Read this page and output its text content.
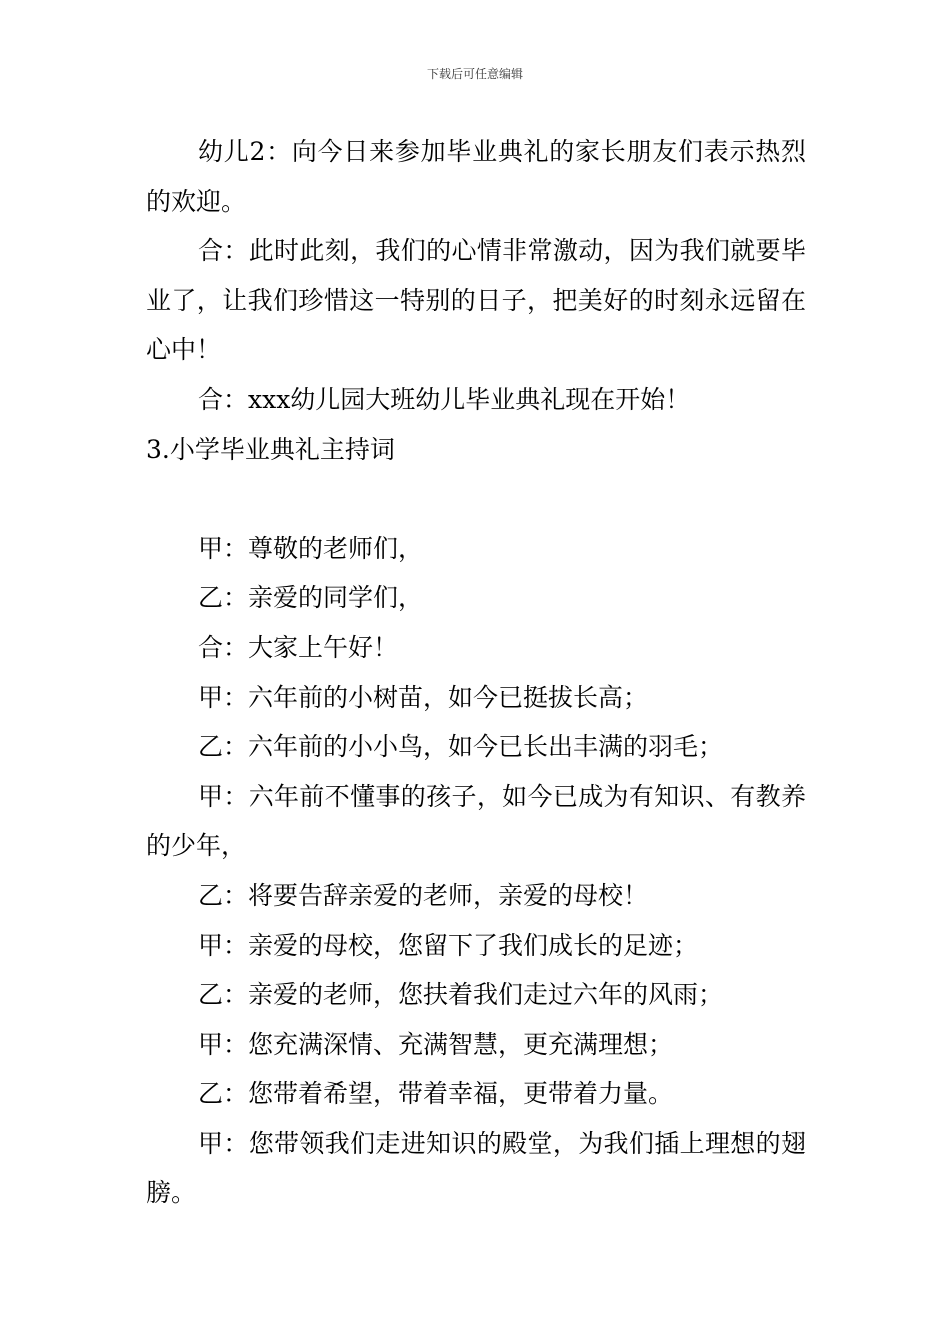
下载后可任意编辑

幼儿2：向今日来参加毕业典礼的家长朋友们表示热烈的欢迎。

合：此时此刻，我们的心情非常激动，因为我们就要毕业了，让我们珍惜这一特别的日子，把美好的时刻永远留在心中！

合：xxx幼儿园大班幼儿毕业典礼现在开始！

3.小学毕业典礼主持词

甲：尊敬的老师们，

乙：亲爱的同学们，

合：大家上午好！

甲：六年前的小树苗，如今已挺拔长高；

乙：六年前的小小鸟，如今已长出丰满的羽毛；

甲：六年前不懂事的孩子，如今已成为有知识、有教养的少年，

乙：将要告辞亲爱的老师，亲爱的母校！

甲：亲爱的母校，您留下了我们成长的足迹；

乙：亲爱的老师，您扶着我们走过六年的风雨；

甲：您充满深情、充满智慧，更充满理想；

乙：您带着希望，带着幸福，更带着力量。

甲：您带领我们走进知识的殿堂，为我们插上理想的翅膀。
